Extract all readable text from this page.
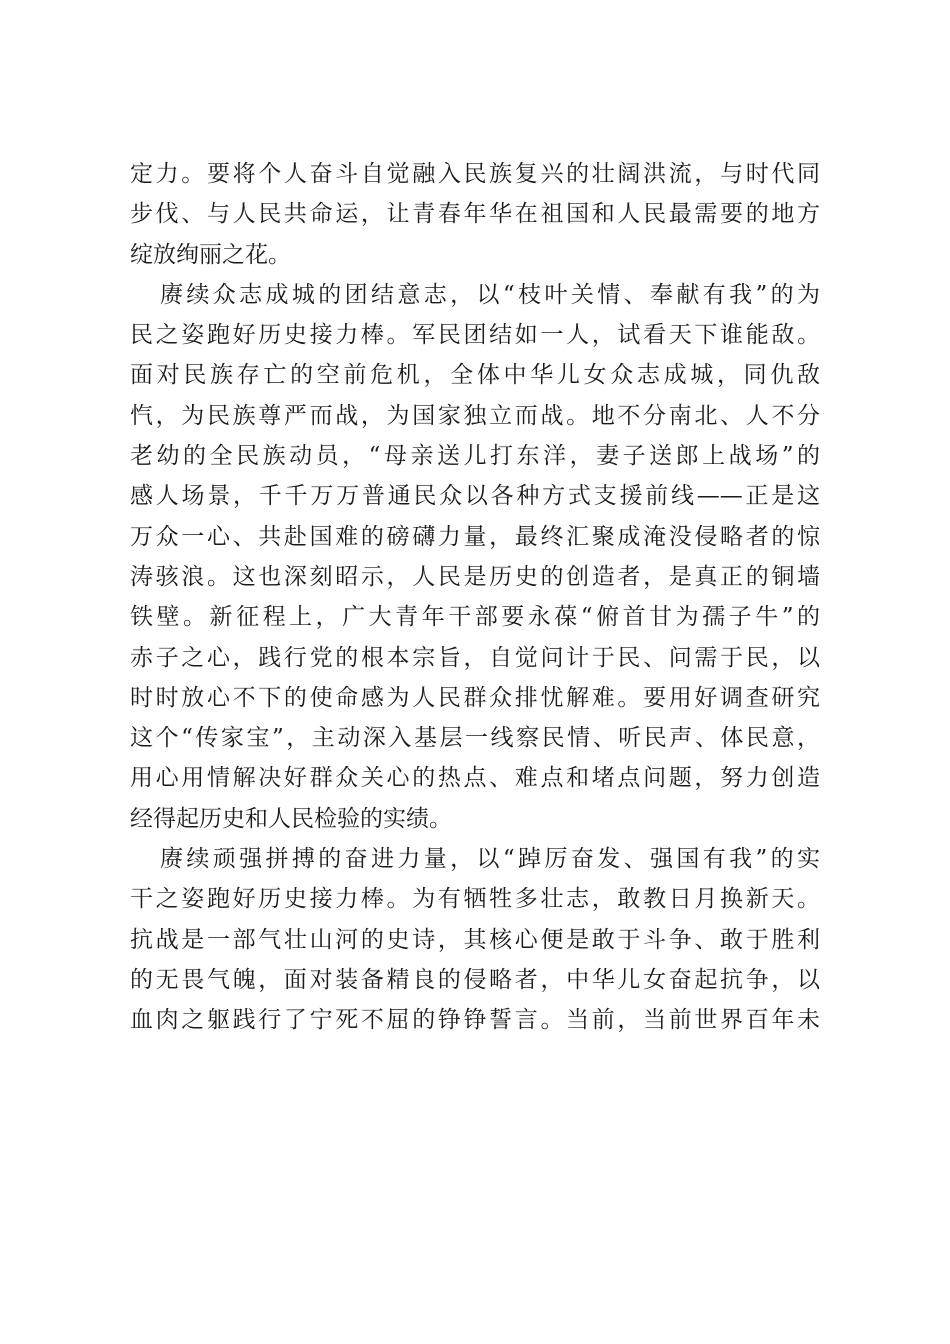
定力。要将个人奋斗自觉融入民族复兴的壮阔洪流，与时代同
步伐、与人民共命运，让青春年华在祖国和人民最需要的地方
绽放绚丽之花。
赓续众志成城的团结意志，以“枝叶关情、奉献有我”的为
民之姿跑好历史接力棒。军民团结如一人，试看天下谁能敌。
面对民族存亡的空前危机，全体中华儿女众志成城，同仇敌
忾，为民族尊严而战，为国家独立而战。地不分南北、人不分
老幼的全民族动员，“母亲送儿打东洋，妻子送郎上战场”的
感人场景，千千万万普通民众以各种方式支援前线——正是这
万众一心、共赴国难的磅礴力量，最终汇聚成淹没侵略者的惊
涛骇浪。这也深刻昭示，人民是历史的创造者，是真正的铜墙
铁壁。新征程上，广大青年干部要永葆“俯首甘为孺子牛”的
赤子之心，践行党的根本宗旨，自觉问计于民、问需于民，以
时时放心不下的使命感为人民群众排忧解难。要用好调查研究
这个“传家宝”，主动深入基层一线察民情、听民声、体民意，
用心用情解决好群众关心的热点、难点和堵点问题，努力创造
经得起历史和人民检验的实绩。
赓续顽强拼搏的奋进力量，以“踔厉奋发、强国有我”的实
干之姿跑好历史接力棒。为有牺牲多壮志，敢教日月换新天。
抗战是一部气壮山河的史诗，其核心便是敢于斗争、敢于胜利
的无畏气魄，面对装备精良的侵略者，中华儿女奋起抗争，以
血肉之躯践行了宁死不屈的铮铮誓言。当前，当前世界百年未
